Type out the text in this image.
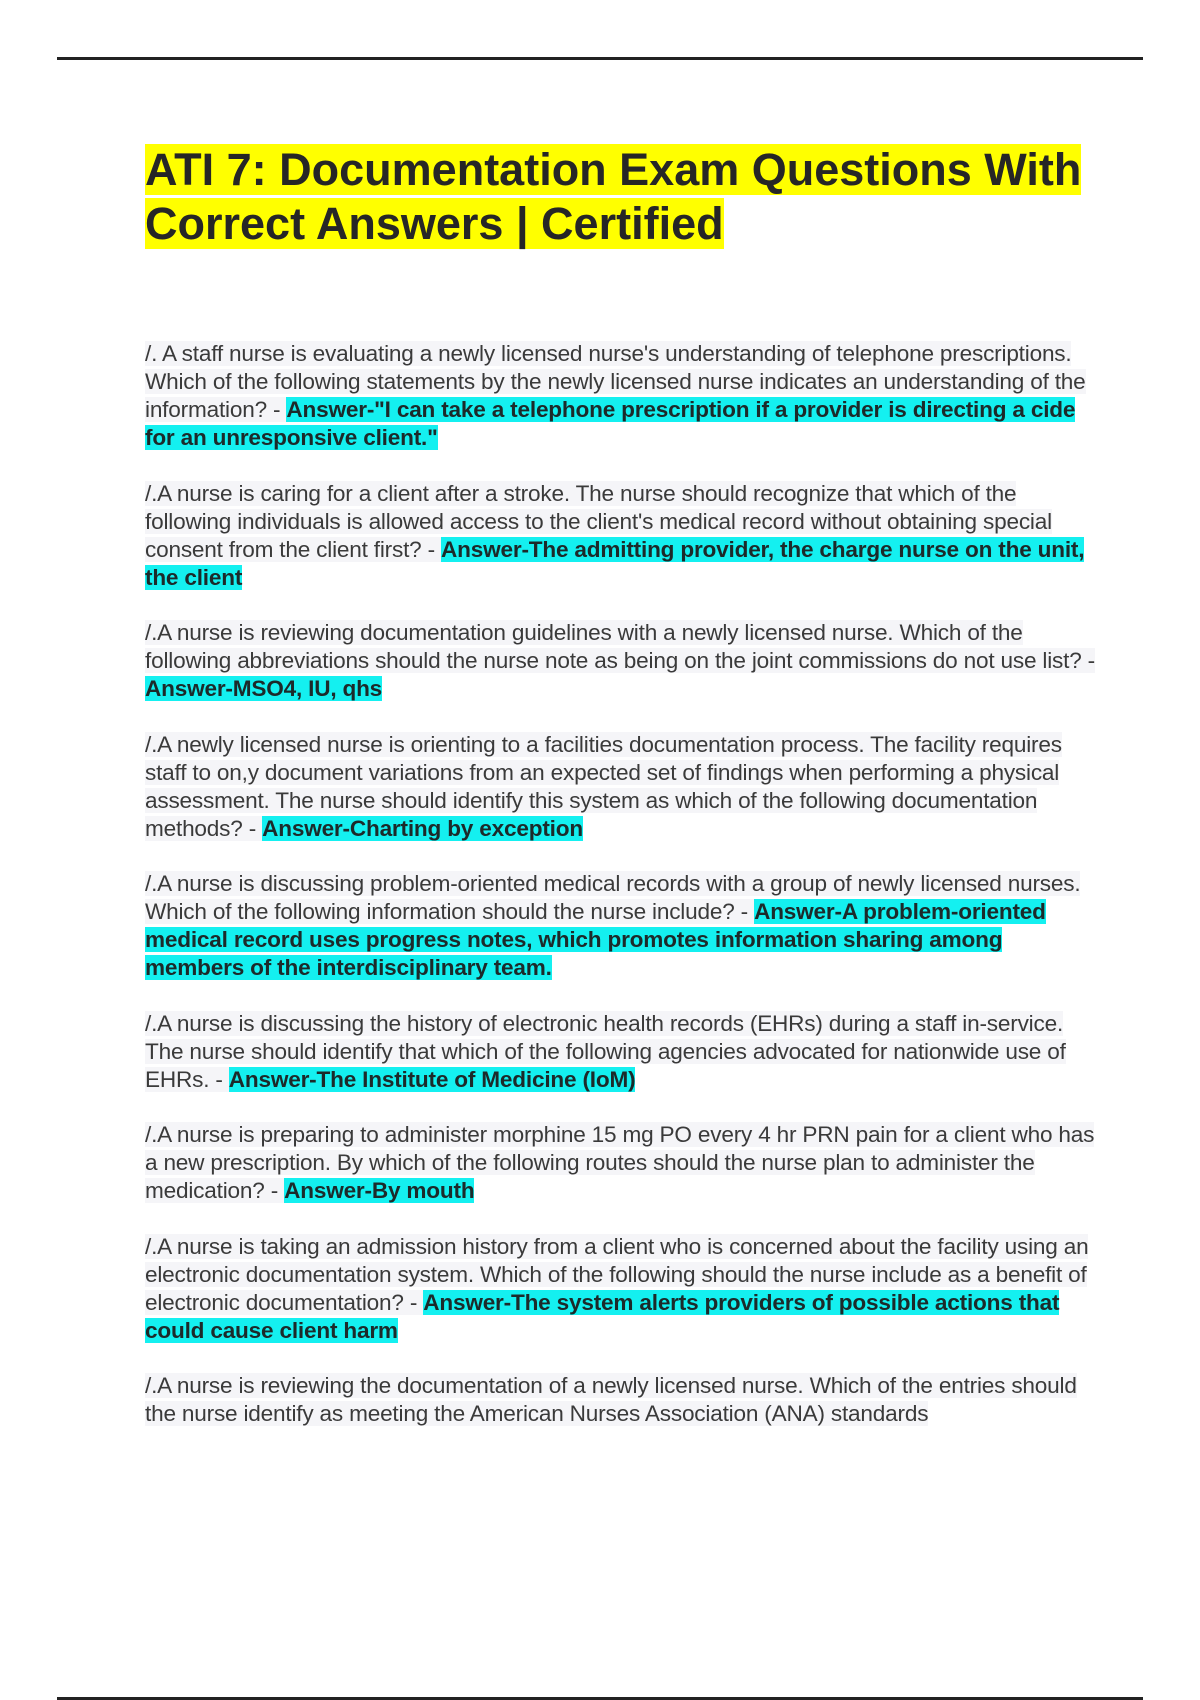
ATI 7: Documentation Exam Questions With Correct Answers | Certified

/. A staff nurse is evaluating a newly licensed nurse's understanding of telephone prescriptions. Which of the following statements by the newly licensed nurse indicates an understanding of the information? - Answer-"I can take a telephone prescription if a provider is directing a cide for an unresponsive client."

/.A nurse is caring for a client after a stroke. The nurse should recognize that which of the following individuals is allowed access to the client's medical record without obtaining special consent from the client first? - Answer-The admitting provider, the charge nurse on the unit, the client

/.A nurse is reviewing documentation guidelines with a newly licensed nurse. Which of the following abbreviations should the nurse note as being on the joint commissions do not use list? - Answer-MSO4, IU, qhs

/.A newly licensed nurse is orienting to a facilities documentation process. The facility requires staff to on,y document variations from an expected set of findings when performing a physical assessment. The nurse should identify this system as which of the following documentation methods? - Answer-Charting by exception

/.A nurse is discussing problem-oriented medical records with a group of newly licensed nurses. Which of the following information should the nurse include? - Answer-A problem-oriented medical record uses progress notes, which promotes information sharing among members of the interdisciplinary team.

/.A nurse is discussing the history of electronic health records (EHRs) during a staff in-service. The nurse should identify that which of the following agencies advocated for nationwide use of EHRs. - Answer-The Institute of Medicine (IoM)

/.A nurse is preparing to administer morphine 15 mg PO every 4 hr PRN pain for a client who has a new prescription. By which of the following routes should the nurse plan to administer the medication? - Answer-By mouth

/.A nurse is taking an admission history from a client who is concerned about the facility using an electronic documentation system. Which of the following should the nurse include as a benefit of electronic documentation? - Answer-The system alerts providers of possible actions that could cause client harm

/.A nurse is reviewing the documentation of a newly licensed nurse. Which of the entries should the nurse identify as meeting the American Nurses Association (ANA) standards
